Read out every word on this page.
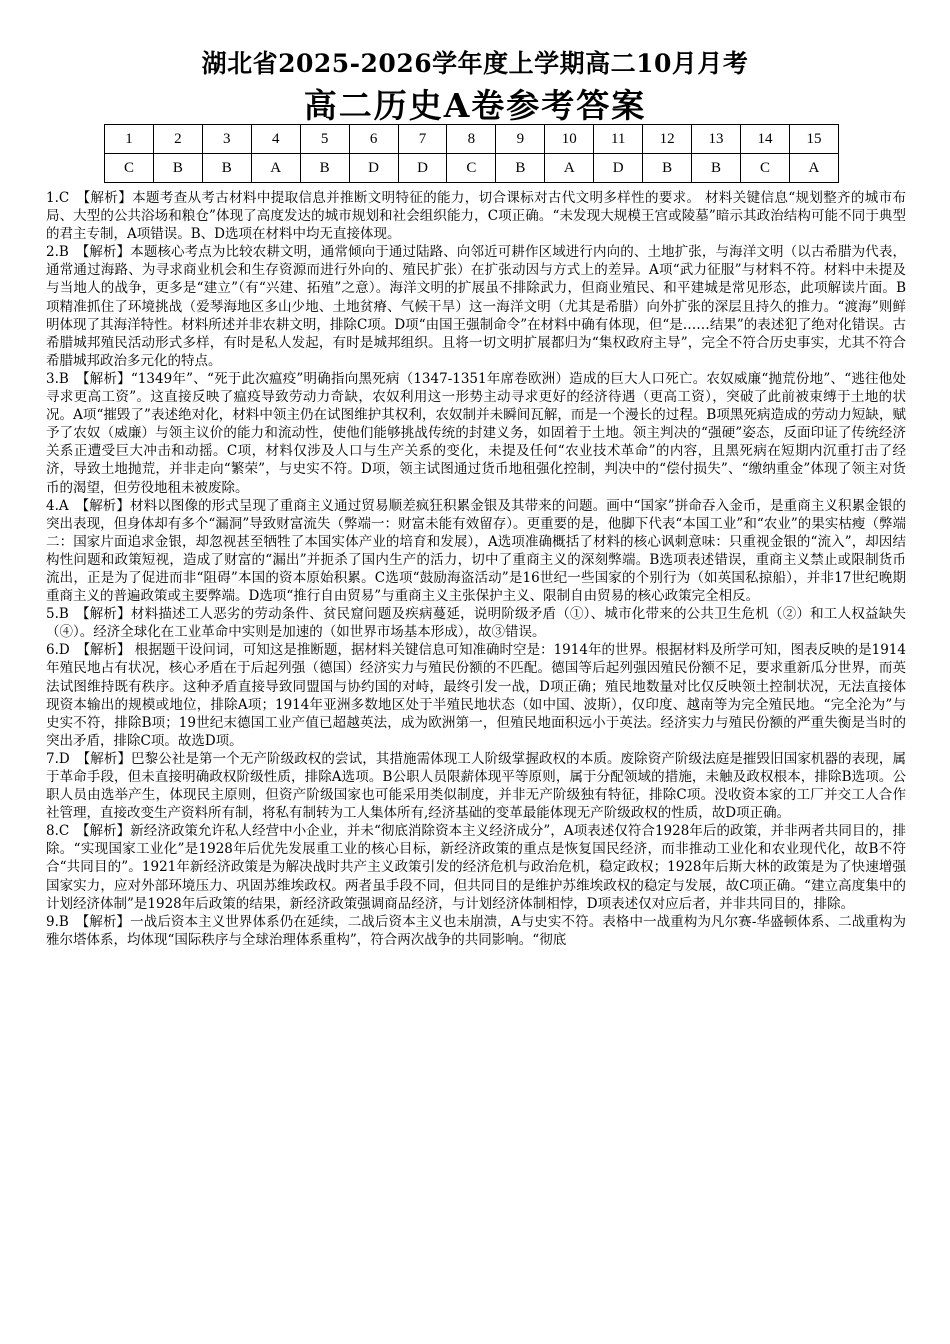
湖北省2025-2026学年度上学期高二10月月考
高二历史A卷参考答案
1	2	3	4	5	6	7	8	9	10	11	12	13	14	15
C	B	B	A	B	D	D	C	B	A	D	B	B	C	A

1.C　【解析】本题考查从考古材料中提取信息并推断文明特征的能力，切合课标对古代文明多样性的要求。 材料关键信息“规划整齐的城市布局、大型的公共浴场和粮仓”体现了高度发达的城市规划和社会组织能力，C项正确。“未发现大规模王宫或陵墓”暗示其政治结构可能不同于典型的君主专制，A项错误。B、D选项在材料中均无直接体现。

2.B　【解析】本题核心考点为比较农耕文明，通常倾向于通过陆路、向邻近可耕作区域进行内向的、土地扩张，与海洋文明（以古希腊为代表，通常通过海路、为寻求商业机会和生存资源而进行外向的、殖民扩张）在扩张动因与方式上的差异。A项“武力征服”与材料不符。材料中未提及与当地人的战争，更多是“建立”（有“兴建、拓殖”之意）。海洋文明的扩展虽不排除武力，但商业殖民、和平建城是常见形态，此项解读片面。B项精准抓住了环境挑战（爱琴海地区多山少地、土地贫瘠、气候干旱）这一海洋文明（尤其是希腊）向外扩张的深层且持久的推力。“渡海”则鲜明体现了其海洋特性。材料所述并非农耕文明，排除C项。D项“由国王强制命令”在材料中确有体现，但“是……结果”的表述犯了绝对化错误。古希腊城邦殖民活动形式多样，有时是私人发起，有时是城邦组织。且将一切文明扩展都归为“集权政府主导”，完全不符合历史事实，尤其不符合希腊城邦政治多元化的特点。

3.B　【解析】“1349年”、“死于此次瘟疫”明确指向黑死病（1347-1351年席卷欧洲）造成的巨大人口死亡。农奴威廉“抛荒份地”、“逃往他处寻求更高工资”。这直接反映了瘟疫导致劳动力奇缺，农奴利用这一形势主动寻求更好的经济待遇（更高工资），突破了此前被束缚于土地的状况。A项“摧毁了”表述绝对化，材料中领主仍在试图维护其权利，农奴制并未瞬间瓦解，而是一个漫长的过程。B项黑死病造成的劳动力短缺，赋予了农奴（威廉）与领主议价的能力和流动性，使他们能够挑战传统的封建义务，如固着于土地。领主判决的“强硬”姿态，反面印证了传统经济关系正遭受巨大冲击和动摇。C项，材料仅涉及人口与生产关系的变化，未提及任何“农业技术革命”的内容，且黑死病在短期内沉重打击了经济，导致土地抛荒，并非走向“繁荣”，与史实不符。D项，领主试图通过货币地租强化控制，判决中的“偿付损失”、“缴纳重金”体现了领主对货币的渴望，但劳役地租未被废除。

4.A　【解析】材料以图像的形式呈现了重商主义通过贸易顺差疯狂积累金银及其带来的问题。画中“国家”拼命吞入金币，是重商主义积累金银的突出表现，但身体却有多个“漏洞”导致财富流失（弊端一：财富未能有效留存）。更重要的是，他脚下代表“本国工业”和“农业”的果实枯瘦（弊端二：国家片面追求金银，却忽视甚至牺牲了本国实体产业的培育和发展），A选项准确概括了材料的核心讽刺意味：只重视金银的“流入”，却因结构性问题和政策短视，造成了财富的“漏出”并扼杀了国内生产的活力，切中了重商主义的深刻弊端。B选项表述错误，重商主义禁止或限制货币流出，正是为了促进而非“阻碍”本国的资本原始积累。C选项“鼓励海盗活动”是16世纪一些国家的个别行为（如英国私掠船），并非17世纪晚期重商主义的普遍政策或主要弊端。D选项“推行自由贸易”与重商主义主张保护主义、限制自由贸易的核心政策完全相反。

5.B　【解析】材料描述工人恶劣的劳动条件、贫民窟问题及疾病蔓延，说明阶级矛盾（①）、城市化带来的公共卫生危机（②）和工人权益缺失（④）。经济全球化在工业革命中实则是加速的（如世界市场基本形成），故③错误。

6.D　【解析】 根据题干设问词，可知这是推断题，据材料关键信息可知准确时空是：1914年的世界。根据材料及所学可知，图表反映的是1914年殖民地占有状况，核心矛盾在于后起列强（德国）经济实力与殖民份额的不匹配。德国等后起列强因殖民份额不足，要求重新瓜分世界，而英法试图维持既有秩序。这种矛盾直接导致同盟国与协约国的对峙，最终引发一战，D项正确；殖民地数量对比仅反映领土控制状况，无法直接体现资本输出的规模或地位，排除A项；1914年亚洲多数地区处于半殖民地状态（如中国、波斯），仅印度、越南等为完全殖民地。“完全沦为”与史实不符，排除B项；19世纪末德国工业产值已超越英法，成为欧洲第一，但殖民地面积远小于英法。经济实力与殖民份额的严重失衡是当时的突出矛盾，排除C项。故选D项。

7.D　【解析】巴黎公社是第一个无产阶级政权的尝试，其措施需体现工人阶级掌握政权的本质。废除资产阶级法庭是摧毁旧国家机器的表现，属于革命手段，但未直接明确政权阶级性质，排除A选项。B公职人员限薪体现平等原则，属于分配领域的措施，未触及政权根本，排除B选项。公职人员由选举产生，体现民主原则，但资产阶级国家也可能采用类似制度，并非无产阶级独有特征，排除C项。没收资本家的工厂并交工人合作社管理，直接改变生产资料所有制，将私有制转为工人集体所有,经济基础的变革最能体现无产阶级政权的性质，故D项正确。

8.C　【解析】新经济政策允许私人经营中小企业，并未“彻底消除资本主义经济成分”，A项表述仅符合1928年后的政策，并非两者共同目的，排除。“实现国家工业化”是1928年后优先发展重工业的核心目标，新经济政策的重点是恢复国民经济，而非推动工业化和农业现代化，故B不符合“共同目的”。1921年新经济政策是为解决战时共产主义政策引发的经济危机与政治危机，稳定政权；1928年后斯大林的政策是为了快速增强国家实力，应对外部环境压力、巩固苏维埃政权。两者虽手段不同，但共同目的是维护苏维埃政权的稳定与发展，故C项正确。“建立高度集中的计划经济体制”是1928年后政策的结果，新经济政策强调商品经济，与计划经济体制相悖，D项表述仅对应后者，并非共同目的，排除。

9.B　【解析】一战后资本主义世界体系仍在延续，二战后资本主义也未崩溃，A与史实不符。表格中一战重构为凡尔赛-华盛顿体系、二战重构为雅尔塔体系，均体现“国际秩序与全球治理体系重构”，符合两次战争的共同影响。“彻底
